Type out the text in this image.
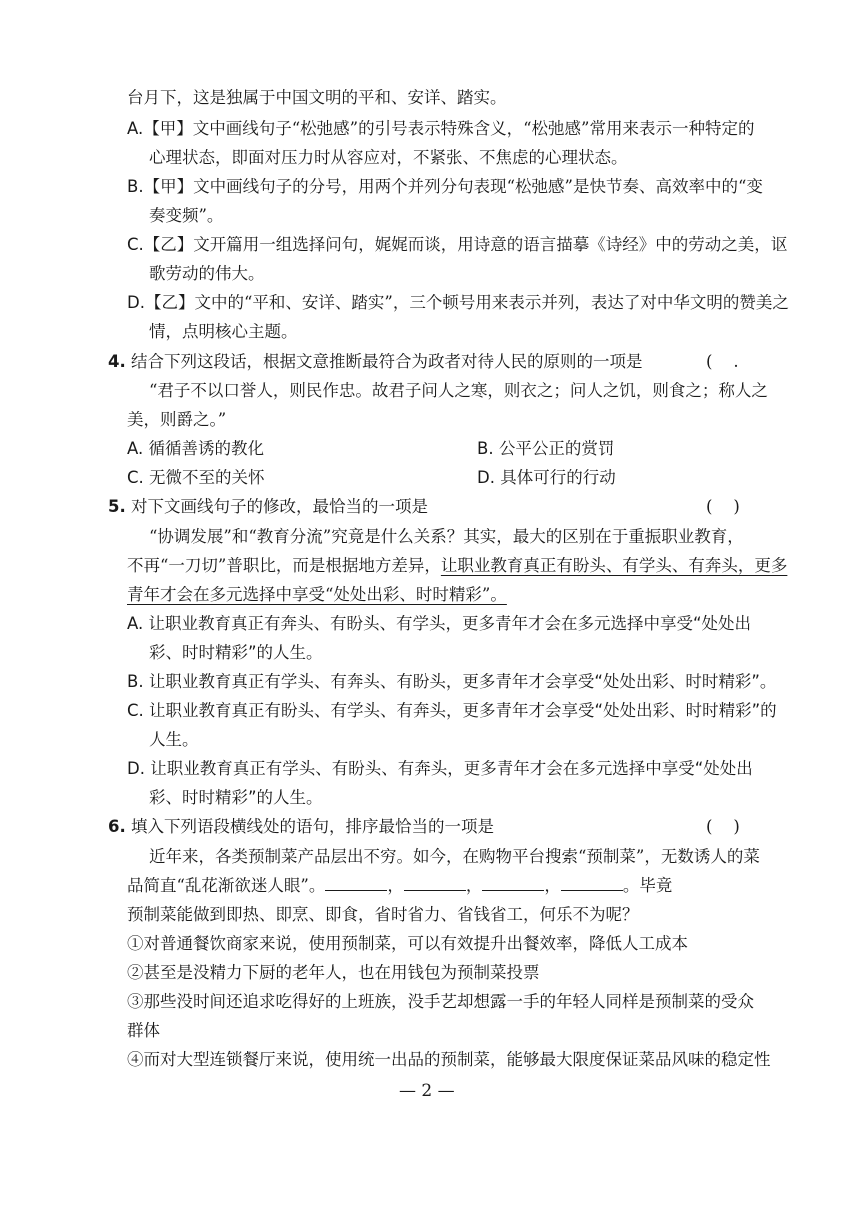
台月下，这是独属于中国文明的平和、安详、踏实。
A.【甲】文中画线句子“松弛感”的引号表示特殊含义，“松弛感”常用来表示一种特定的
心理状态，即面对压力时从容应对，不紧张、不焦虑的心理状态。
B.【甲】文中画线句子的分号，用两个并列分句表现“松弛感”是快节奏、高效率中的“变
奏变频”。
C.【乙】文开篇用一组选择问句，娓娓而谈，用诗意的语言描摹《诗经》中的劳动之美，讴
歌劳动的伟大。
D.【乙】文中的“平和、安详、踏实”，三个顿号用来表示并列，表达了对中华文明的赞美之
情，点明核心主题。
4. 结合下列这段话，根据文意推断最符合为政者对待人民的原则的一项是	(    .
“君子不以口誉人，则民作忠。故君子问人之寒，则衣之；问人之饥，则食之；称人之
美，则爵之。”
A. 循循善诱的教化	B. 公平公正的赏罚
C. 无微不至的关怀	D. 具体可行的行动
5. 对下文画线句子的修改，最恰当的一项是	(    )
“协调发展”和“教育分流”究竟是什么关系？其实，最大的区别在于重振职业教育，
不再“一刀切”普职比，而是根据地方差异，让职业教育真正有盼头、有学头、有奔头，更多
青年才会在多元选择中享受“处处出彩、时时精彩”。
A. 让职业教育真正有奔头、有盼头、有学头，更多青年才会在多元选择中享受“处处出
彩、时时精彩”的人生。
B. 让职业教育真正有学头、有奔头、有盼头，更多青年才会享受“处处出彩、时时精彩”。
C. 让职业教育真正有盼头、有学头、有奔头，更多青年才会享受“处处出彩、时时精彩”的
人生。
D. 让职业教育真正有学头、有盼头、有奔头，更多青年才会在多元选择中享受“处处出
彩、时时精彩”的人生。
6. 填入下列语段横线处的语句，排序最恰当的一项是	(    )
近年来，各类预制菜产品层出不穷。如今，在购物平台搜索“预制菜”，无数诱人的菜
品简直“乱花渐欲迷人眼”。	，	，	，	。毕竟
预制菜能做到即热、即烹、即食，省时省力、省钱省工，何乐不为呢？
①对普通餐饮商家来说，使用预制菜，可以有效提升出餐效率，降低人工成本
②甚至是没精力下厨的老年人，也在用钱包为预制菜投票
③那些没时间还追求吃得好的上班族，没手艺却想露一手的年轻人同样是预制菜的受众
群体
④而对大型连锁餐厅来说，使用统一出品的预制菜，能够最大限度保证菜品风味的稳定性
— 2 —
